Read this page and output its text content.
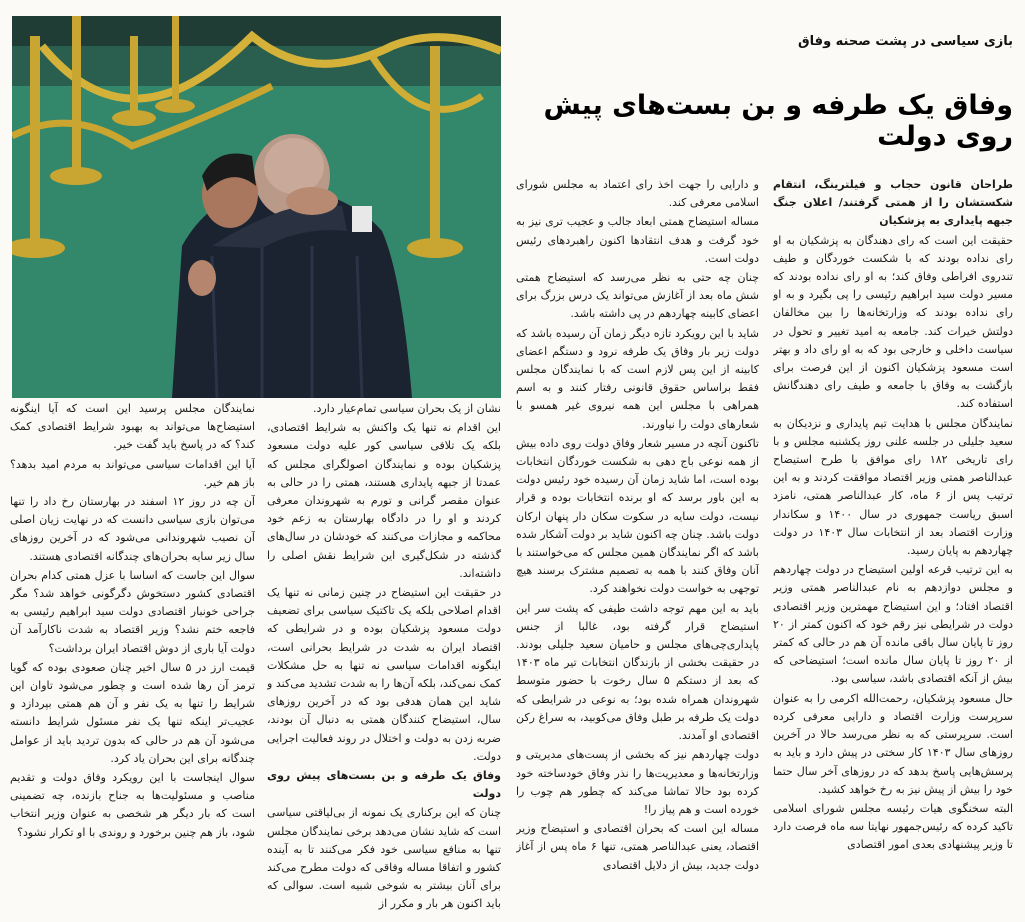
بازی سیاسی در پشت صحنه وفاق
وفاق یک طرفه و بن بست‌های پیش روی دولت

طراحان قانون حجاب و فیلترینگ، انتقام شکستشان را از همتی گرفتند/ اعلان جنگ جبهه پایداری به پزشکیان

حقیقت این است که رای دهندگان به پزشکیان به او رای نداده بودند که با شکست خوردگان و طیف تندروی افراطی وفاق کند؛ به او رای نداده بودند که مسیر دولت سید ابراهیم رئیسی را پی بگیرد و به او رای نداده بودند که وزارتخانه‌ها را بین مخالفان دولتش خیرات کند. جامعه به امید تغییر و تحول در سیاست داخلی و خارجی بود که به او رای داد و بهتر است مسعود پزشکیان اکنون از این فرصت برای بازگشت به وفاق با جامعه و طیف رای دهندگانش استفاده کند.

نمایندگان مجلس با هدایت تیم پایداری و نزدیکان به سعید جلیلی در جلسه علنی روز یکشنبه مجلس و با رای تاریخی ۱۸۲ رای موافق با طرح استیضاح عبدالناصر همتی وزیر اقتصاد موافقت کردند و به این ترتیب پس از ۶ ماه، کار عبدالناصر همتی، نامزد اسبق ریاست جمهوری در سال ۱۴۰۰ و سکاندار وزارت اقتصاد بعد از انتخابات سال ۱۴۰۳ در دولت چهاردهم به پایان رسید.

به این ترتیب قرعه اولین استیضاح در دولت چهاردهم و مجلس دوازدهم به نام عبدالناصر همتی وزیر اقتصاد افتاد؛ و این استیضاح مهمترین وزیر اقتصادی دولت در شرایطی نیز رقم خود که اکنون کمتر از ۲۰ روز تا پایان سال باقی مانده آن هم در حالی که کمتر از ۲۰ روز تا پایان سال مانده است؛ استیضاحی که بیش از آنکه اقتصادی باشد، سیاسی بود.

حال مسعود پزشکیان، رحمت‌الله اکرمی را به عنوان سرپرست وزارت اقتصاد و دارایی معرفی کرده است. سرپرستی که به نظر می‌رسد حالا در آخرین روزهای سال ۱۴۰۳ کار سختی در پیش دارد و باید به پرسش‌هایی پاسخ بدهد که در روزهای آخر سال حتما خود را بیش از پیش نیز به رخ خواهد کشید.

البته سخنگوی هیات رئیسه مجلس شورای اسلامی تاکید کرده که رئیس‌جمهور نهایتا سه ماه فرصت دارد تا وزیر پیشنهادی بعدی امور اقتصادی

و دارایی را جهت اخذ رای اعتماد به مجلس شورای اسلامی معرفی کند.

مساله استیضاح همتی ابعاد جالب و عجیب تری نیز به خود گرفت و هدف انتقادها اکنون راهبردهای رئیس دولت است.

چنان چه حتی به نظر می‌رسد که استیضاح همتی شش ماه بعد از آغازش می‌تواند یک درس بزرگ برای اعضای کابینه چهاردهم در پی داشته باشد.

شاید با این رویکرد تازه دیگر زمان آن رسیده باشد که دولت زیر بار وفاق یک طرفه نرود و دستگم اعضای کابینه از این پس لازم است که با نمایندگان مجلس فقط براساس حقوق قانونی رفتار کنند و به اسم همراهی با مجلس این همه نیروی غیر همسو با شعارهای دولت را نیاورند.

تاکنون آنچه در مسیر شعار وفاق دولت روی داده بیش از همه نوعی باج دهی به شکست خوردگان انتخابات بوده است، اما شاید زمان آن رسیده خود رئیس دولت به این باور برسد که او برنده انتخابات بوده و قرار نیست، دولت سایه در سکوت سکان دار پنهان ارکان دولت باشد. چنان چه اکنون شاید بر دولت آشکار شده باشد که اگر نمایندگان همین مجلس که می‌خواستند با آنان وفاق کنند با همه به تصمیم مشترک برسند هیچ توجهی به خواست دولت نخواهند کرد.

باید به این مهم توجه داشت طیفی که پشت سر این استیضاح قرار گرفته بود، غالبا از جنس پایداری‌چی‌های مجلس و حامیان سعید جلیلی بودند. در حقیقت بخشی از بازندگان انتخابات تیر ماه ۱۴۰۳ که بعد از دستکم ۵ سال رخوت با حضور متوسط شهروندان همراه شده بود؛ به نوعی در شرایطی که دولت یک طرفه بر طبل وفاق می‌کوبید، به سراغ رکن اقتصادی او آمدند.

دولت چهاردهم نیز که بخشی از پست‌های مدیریتی و وزارتخانه‌ها و معدیریت‌ها را نذر وفاق خودساخته خود کرده بود حالا تماشا می‌کند که چطور هم چوب را خورده است و هم پیاز را!

مساله این است که بحران اقتصادی و استیضاح وزیر اقتصاد، یعنی عبدالناصر همتی، تنها ۶ ماه پس از آغاز دولت جدید، بیش از دلایل اقتصادی

نشان از یک بحران سیاسی تمام‌عیار دارد.

این اقدام نه تنها یک واکنش به شرایط اقتصادی، بلکه یک تلافی سیاسی کور علیه دولت مسعود پزشکیان بوده و نمایندگان اصولگرای مجلس که عمدتا از جبهه پایداری هستند، همتی را در حالی به عنوان مقصر گرانی و تورم به شهروندان معرفی کردند و او را در دادگاه بهارستان به زعم خود محاکمه و مجازات می‌کنند که خودشان در سال‌های گذشته در شکل‌گیری این شرایط نقش اصلی را داشته‌اند.

در حقیقت این استیضاح در چنین زمانی نه تنها یک اقدام اصلاحی بلکه یک تاکتیک سیاسی برای تضعیف دولت مسعود پزشکیان بوده و در شرایطی که اقتصاد ایران به شدت در شرایط بحرانی است، اینگونه اقدامات سیاسی نه تنها به حل مشکلات کمک نمی‌کند، بلکه آن‌ها را به شدت تشدید می‌کند و شاید این همان هدفی بود که در آخرین روزهای سال، استیضاح کنندگان همتی به دنبال آن بودند، ضربه زدن به دولت و اختلال در روند فعالیت اجرایی دولت.

وفاق یک طرفه و بن بست‌های پیش روی دولت

چنان که این برکناری یک نمونه از بی‌لیاقتی سیاسی است که شاید نشان می‌دهد برخی نمایندگان مجلس تنها به منافع سیاسی خود فکر می‌کنند تا به آینده کشور و اتفاقا مساله وفاقی که دولت مطرح می‌کند برای آنان بیشتر به شوخی شبیه است. سوالی که باید اکنون هر بار و مکرر از

نمایندگان مجلس پرسید این است که آیا اینگونه استیضاح‌ها می‌تواند به بهبود شرایط اقتصادی کمک کند؟ که در پاسخ باید گفت خیر.

آیا این اقدامات سیاسی می‌تواند به مردم امید بدهد؟ باز هم خیر.

آن چه در روز ۱۲ اسفند در بهارستان رخ داد را تنها می‌توان بازی سیاسی دانست که در نهایت زیان اصلی آن نصیب شهروندانی می‌شود که در آخرین روزهای سال زیر سایه بحران‌های چندگانه اقتصادی هستند.

سوال این جاست که اساسا با عزل همتی کدام بحران اقتصادی کشور دستخوش دگرگونی خواهد شد؟ مگر جراحی خونبار اقتصادی دولت سید ابراهیم رئیسی به فاجعه ختم نشد؟ وزیر اقتصاد به شدت ناکارآمد آن دولت آیا باری از دوش اقتصاد ایران برداشت؟

قیمت ارز در ۵ سال اخیر چنان صعودی بوده که گویا ترمز آن رها شده است و چطور می‌شود تاوان این شرایط را تنها به یک نفر و آن هم همتی بپردازد و عجیب‌تر اینکه تنها یک نفر مسئول شرایط دانسته می‌شود آن هم در حالی که بدون تردید باید از عوامل چندگانه برای این بحران یاد کرد.

سوال اینجاست با این رویکرد وفاق دولت و تقدیم مناصب و مسئولیت‌ها به جناح بازنده، چه تضمینی است که بار دیگر هر شخصی به عنوان وزیر انتخاب شود، باز هم چنین برخورد و روندی با او تکرار نشود؟
